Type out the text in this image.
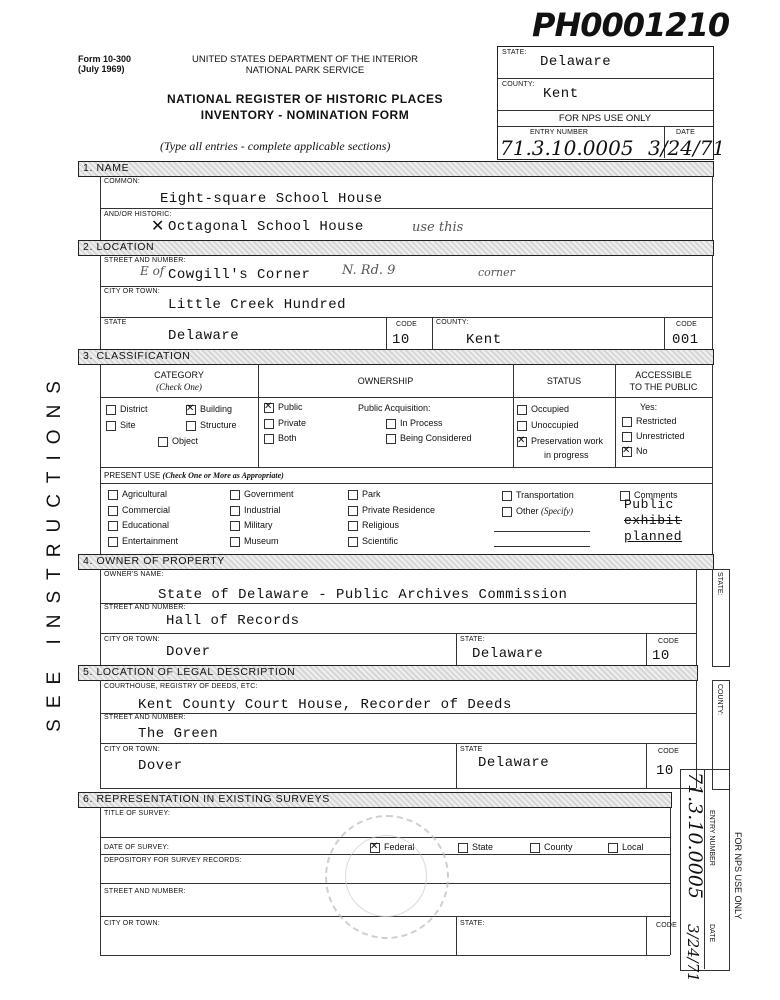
Form 10-300
(July 1969)
UNITED STATES DEPARTMENT OF THE INTERIOR
NATIONAL PARK SERVICE
NATIONAL REGISTER OF HISTORIC PLACES
INVENTORY - NOMINATION FORM
(Type all entries - complete applicable sections)
PH0001210
STATE:
Delaware
COUNTY:
Kent
FOR NPS USE ONLY
ENTRY NUMBER	DATE
71.3.10.0005 3/24/71
SEE INSTRUCTIONS
1. NAME
COMMON:
Eight-square School House
AND/OR HISTORIC:
✕ Octagonal School House	use this
2. LOCATION
STREET AND NUMBER:
E of Cowgill's Corner N. Rd. 9	corner
CITY OR TOWN:
Little Creek Hundred
STATE
Delaware
CODE
10
COUNTY:
Kent
CODE
001
3. CLASSIFICATION
CATEGORY
(Check One)
OWNERSHIP	STATUS
ACCESSIBLE
TO THE PUBLIC
District ✕	Building
Site	Structure
Object
✕Public
Private
Both
Public Acquisition:
In Process
Being Considered
Occupied
Unoccupied
✕Preservation work
in progress
Yes:
Restricted
Unrestricted
✕No
PRESENT USE (Check One or More as Appropriate)
Agricultural
Commercial
Educational
Entertainment
Government
Industrial
Military
Museum
Park
Private Residence
Religious
Scientific
Transportation
Other (Specify)
Comments
Public
exhibit
planned
4. OWNER OF PROPERTY
STATE:
OWNER'S NAME:
State of Delaware - Public Archives Commission
STREET AND NUMBER:
Hall of Records
CITY OR TOWN:
Dover
STATE:
Delaware
CODE
10
5. LOCATION OF LEGAL DESCRIPTION
COUNTY:
COURTHOUSE, REGISTRY OF DEEDS, ETC:
Kent County Court House, Recorder of Deeds
STREET AND NUMBER:
The Green
CITY OR TOWN:
Dover
STATE
Delaware
CODE
10
6. REPRESENTATION IN EXISTING SURVEYS
TITLE OF SURVEY:
DATE OF SURVEY: ✕	Federal	State	County	Local
DEPOSITORY FOR SURVEY RECORDS:
STREET AND NUMBER:
CITY OR TOWN:	STATE:	CODE
71.3.10.0005
3/24/71
ENTRY NUMBER
DATE
FOR NPS USE ONLY
